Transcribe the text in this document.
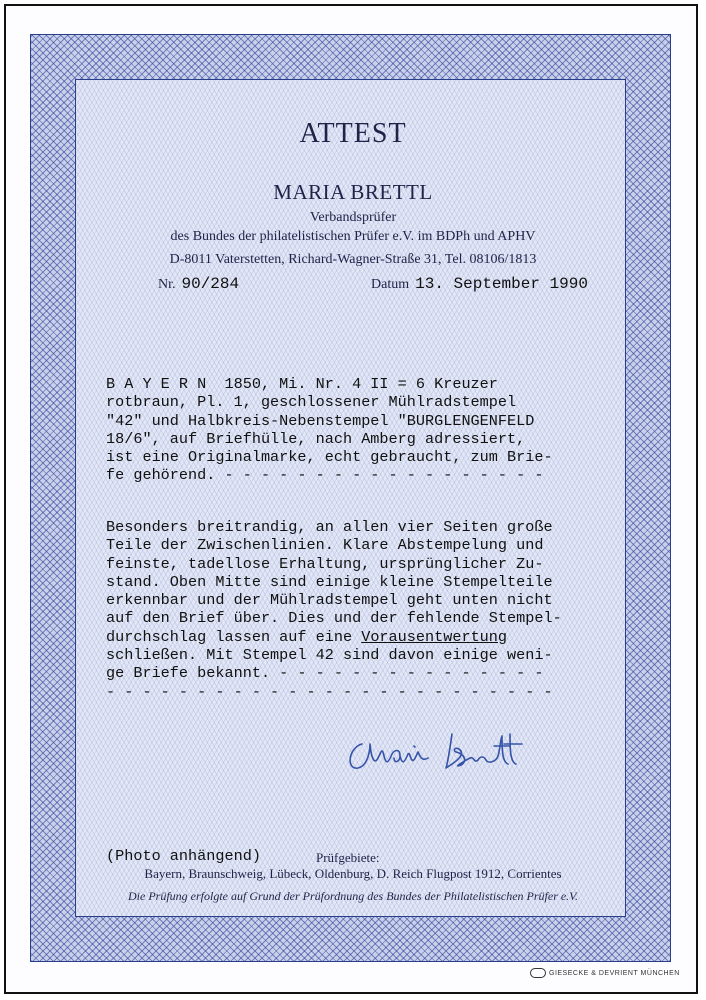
ATTEST
MARIA BRETTL
Verbandsprüfer
des Bundes der philatelistischen Prüfer e.V. im BDPh und APHV
D-8011 Vaterstetten, Richard-Wagner-Straße 31, Tel. 08106/1813
Nr. 90/284	Datum 13. September 1990
B A Y E R N  1850, Mi. Nr. 4 II = 6 Kreuzer
rotbraun, Pl. 1, geschlossener Mühlradstempel
"42" und Halbkreis-Nebenstempel "BURGLENGENFELD
18/6", auf Briefhülle, nach Amberg adressiert,
ist eine Originalmarke, echt gebraucht, zum Brie-
fe gehörend. - - - - - - - - - - - - - - - - - -
Besonders breitrandig, an allen vier Seiten große
Teile der Zwischenlinien. Klare Abstempelung und
feinste, tadellose Erhaltung, ursprünglicher Zu-
stand. Oben Mitte sind einige kleine Stempelteile
erkennbar und der Mühlradstempel geht unten nicht
auf den Brief über. Dies und der fehlende Stempel-
durchschlag lassen auf eine Vorausentwertung
schließen. Mit Stempel 42 sind davon einige weni-
ge Briefe bekannt. - - - - - - - - - - - - - - -
- - - - - - - - - - - - - - - - - - - - - - - - -
(Photo anhängend)	Prüfgebiete:
Bayern, Braunschweig, Lübeck, Oldenburg, D. Reich Flugpost 1912, Corrientes
Die Prüfung erfolgte auf Grund der Prüfordnung des Bundes der Philatelistischen Prüfer e.V.
GIESECKE & DEVRIENT MÜNCHEN
